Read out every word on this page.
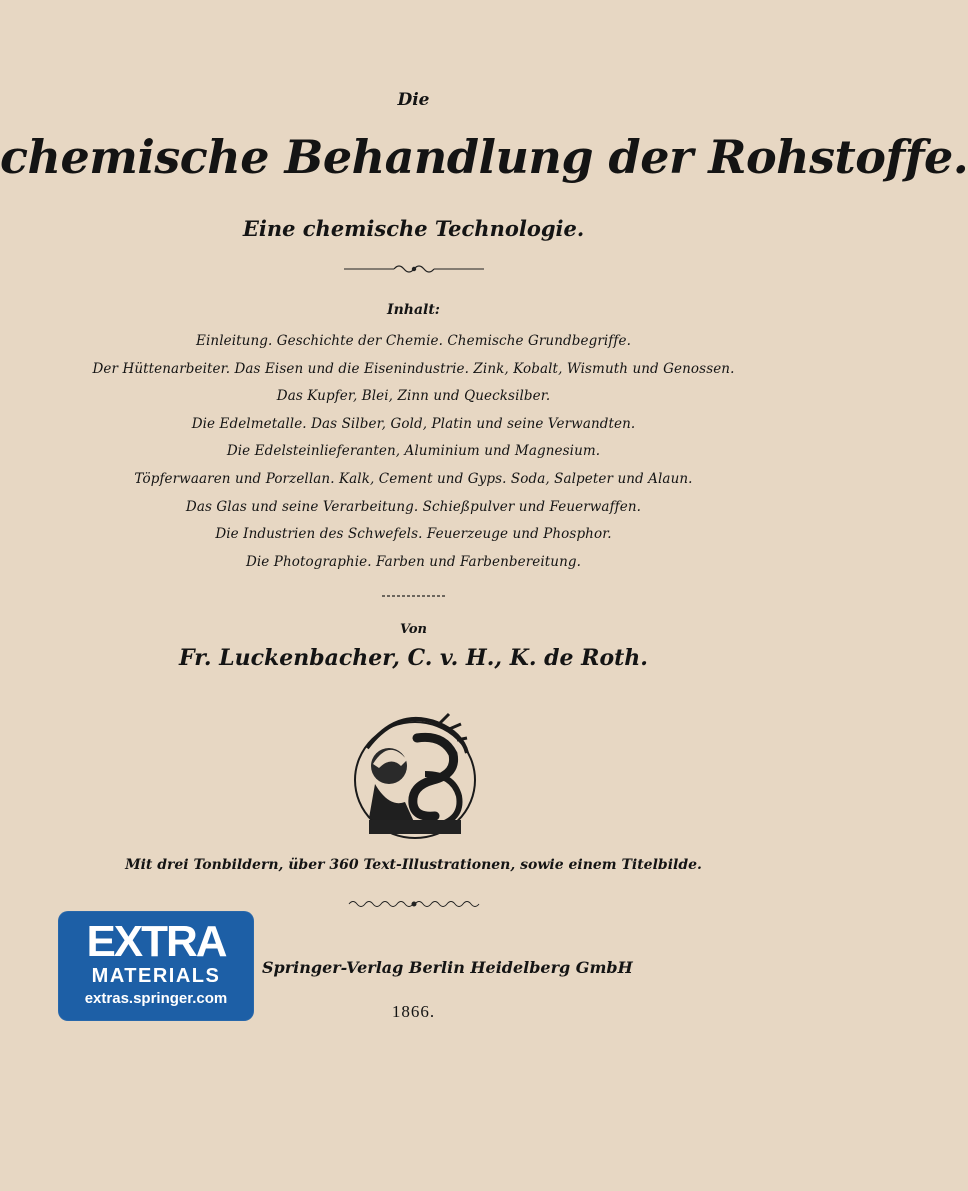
Die
chemische Behandlung der Rohstoffe.
Eine chemische Technologie.
Inhalt:
Einleitung. Geschichte der Chemie. Chemische Grundbegriffe.
Der Hüttenarbeiter. Das Eisen und die Eisenindustrie. Zink, Kobalt, Wismuth und Genossen.
Das Kupfer, Blei, Zinn und Quecksilber.
Die Edelmetalle. Das Silber, Gold, Platin und seine Verwandten.
Die Edelsteinlieferanten, Aluminium und Magnesium.
Töpferwaaren und Porzellan. Kalk, Cement und Gyps. Soda, Salpeter und Alaun.
Das Glas und seine Verarbeitung. Schießpulver und Feuerwaffen.
Die Industrien des Schwefels. Feuerzeuge und Phosphor.
Die Photographie. Farben und Farbenbereitung.
Von
Fr. Luckenbacher, C. v. H., K. de Roth.
Mit drei Tonbildern, über 360 Text-Illustrationen, sowie einem Titelbilde.
Springer-Verlag Berlin Heidelberg GmbH
1866.
EXTRA
MATERIALS
extras.springer.com
